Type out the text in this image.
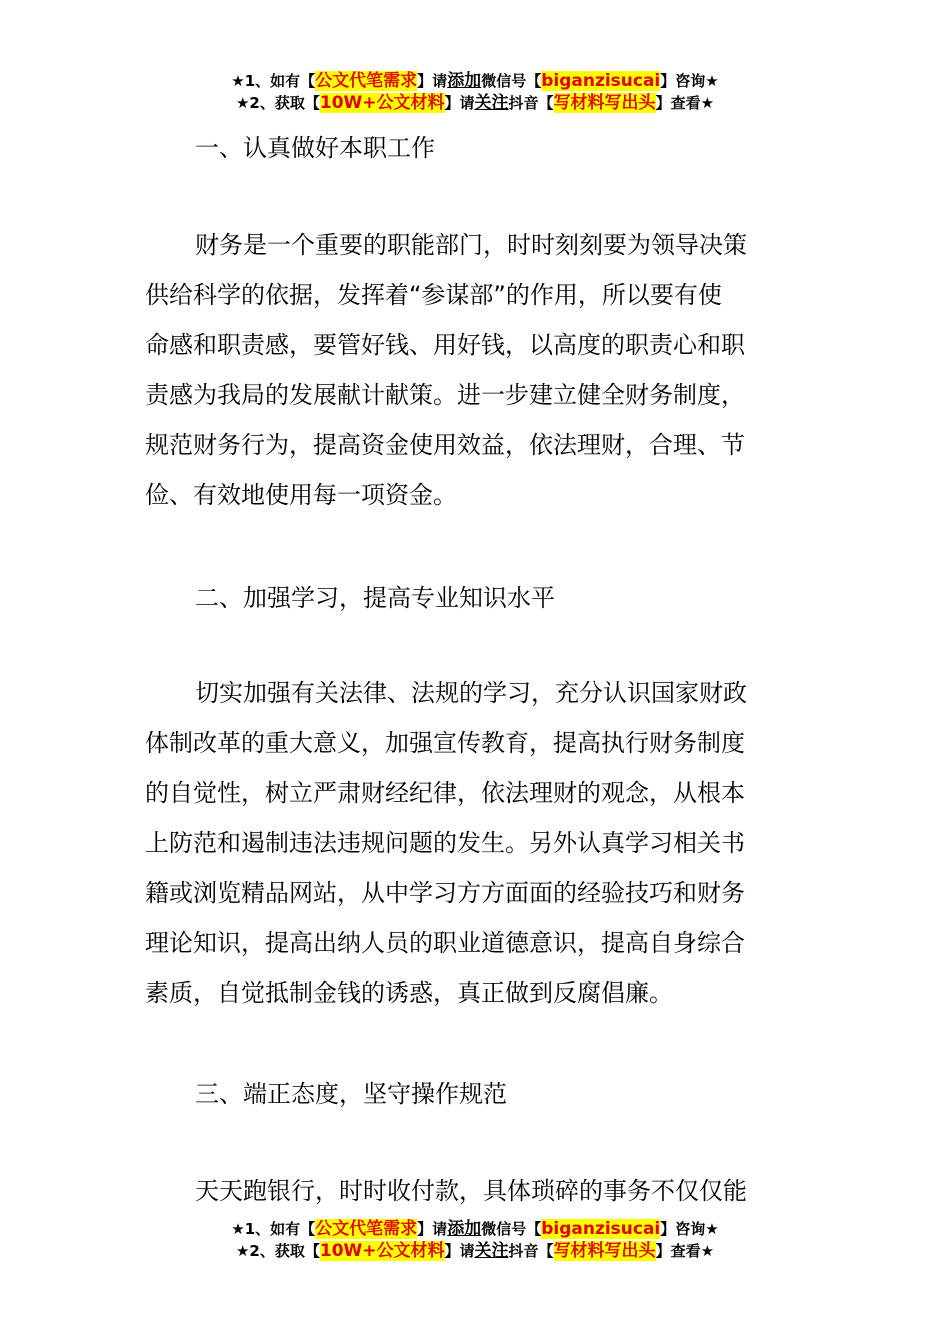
★1、如有【公文代笔需求】请添加微信号【biganzisucai】咨询★
★2、获取【10W+公文材料】请关注抖音【写材料写出头】查看★
一、认真做好本职工作
财务是一个重要的职能部门，时时刻刻要为领导决策
供给科学的依据，发挥着“参谋部”的作用，所以要有使
命感和职责感，要管好钱、用好钱，以高度的职责心和职
责感为我局的发展献计献策。进一步建立健全财务制度，
规范财务行为，提高资金使用效益，依法理财，合理、节
俭、有效地使用每一项资金。
二、加强学习，提高专业知识水平
切实加强有关法律、法规的学习，充分认识国家财政
体制改革的重大意义，加强宣传教育，提高执行财务制度
的自觉性，树立严肃财经纪律，依法理财的观念，从根本
上防范和遏制违法违规问题的发生。另外认真学习相关书
籍或浏览精品网站，从中学习方方面面的经验技巧和财务
理论知识，提高出纳人员的职业道德意识，提高自身综合
素质，自觉抵制金钱的诱惑，真正做到反腐倡廉。
三、端正态度，坚守操作规范
天天跑银行，时时收付款，具体琐碎的事务不仅仅能
★1、如有【公文代笔需求】请添加微信号【biganzisucai】咨询★
★2、获取【10W+公文材料】请关注抖音【写材料写出头】查看★
